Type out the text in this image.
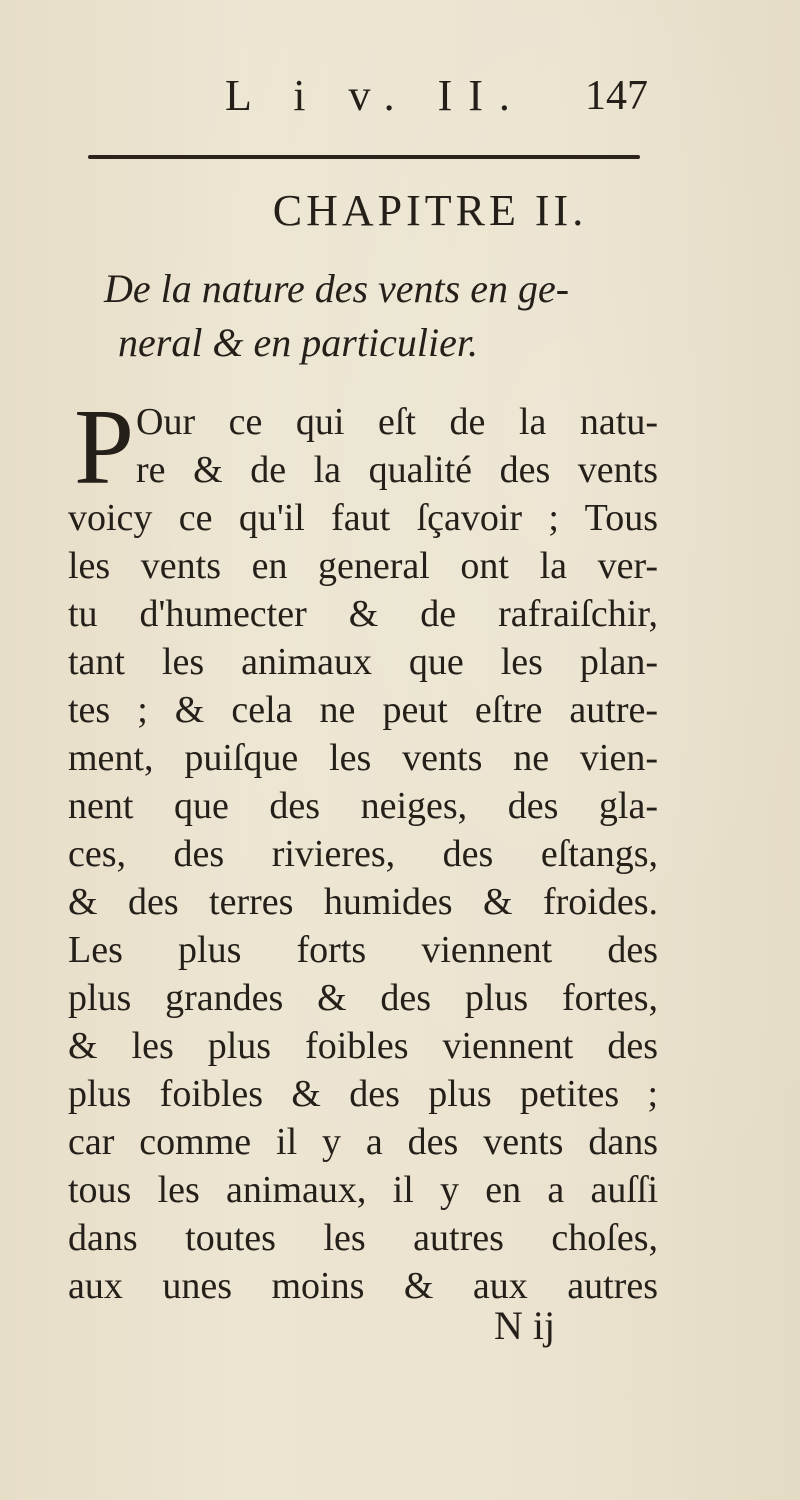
L i v. II. 147
CHAPITRE II.
De la nature des vents en ge-
neral & en particulier.
P Our ce qui eſt de la natu-
re & de la qualité des vents
voicy ce qu'il faut ſçavoir ; Tous
les vents en general ont la ver-
tu d'humecter & de rafraiſchir,
tant les animaux que les plan-
tes ; & cela ne peut eſtre autre-
ment, puiſque les vents ne vien-
nent que des neiges, des gla-
ces, des rivieres, des eſtangs,
& des terres humides & froides.
Les plus forts viennent des
plus grandes & des plus fortes,
& les plus foibles viennent des
plus foibles & des plus petites ;
car comme il y a des vents dans
tous les animaux, il y en a auſſi
dans toutes les autres choſes,
aux unes moins & aux autres
N ij
